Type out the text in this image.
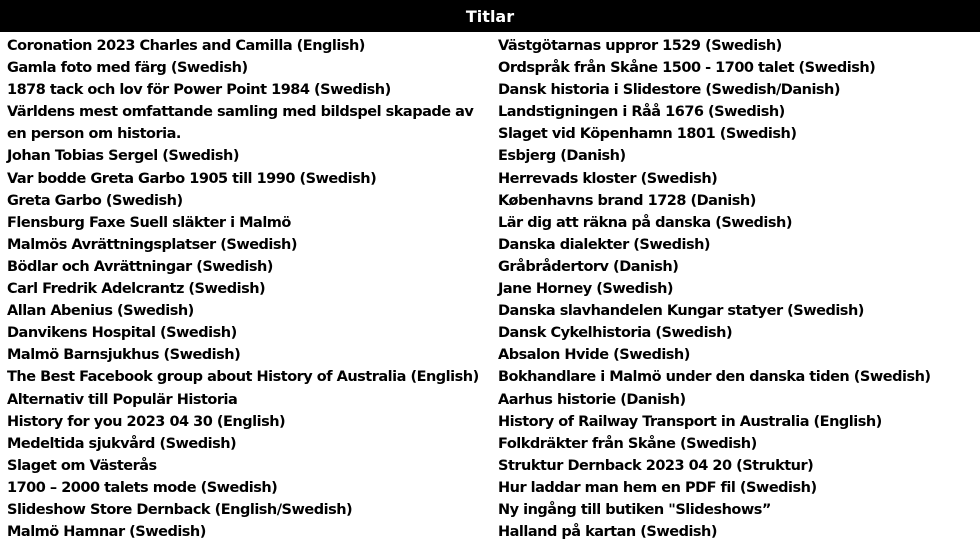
Titlar
Coronation 2023 Charles and Camilla (English)
Gamla foto med färg (Swedish)
1878 tack och lov för Power Point 1984 (Swedish)
Världens mest omfattande samling med bildspel skapade av en person om historia.
Johan Tobias Sergel (Swedish)
Var bodde Greta Garbo 1905 till 1990 (Swedish)
Greta Garbo (Swedish)
Flensburg Faxe Suell släkter i Malmö
Malmös Avrättningsplatser (Swedish)
Bödlar och Avrättningar (Swedish)
Carl Fredrik Adelcrantz (Swedish)
Allan Abenius (Swedish)
Danvikens Hospital (Swedish)
Malmö Barnsjukhus (Swedish)
The Best Facebook group about History of Australia (English)
Alternativ till Populär Historia
History for you 2023 04 30 (English)
Medeltida sjukvård (Swedish)
Slaget om Västerås
1700 – 2000 talets mode (Swedish)
Slideshow Store Dernback (English/Swedish)
Malmö Hamnar (Swedish)
Västgötarnas uppror 1529 (Swedish)
Ordspråk från Skåne 1500 - 1700 talet (Swedish)
Dansk historia i Slidestore (Swedish/Danish)
Landstigningen i Råå 1676 (Swedish)
Slaget vid Köpenhamn 1801 (Swedish)
Esbjerg (Danish)
Herrevads kloster (Swedish)
Københavns brand 1728 (Danish)
Lär dig att räkna på danska (Swedish)
Danska dialekter (Swedish)
Gråbrådertorv (Danish)
Jane Horney (Swedish)
Danska slavhandelen Kungar statyer (Swedish)
Dansk Cykelhistoria (Swedish)
Absalon Hvide (Swedish)
Bokhandlare i Malmö under den danska tiden (Swedish)
Aarhus historie (Danish)
History of Railway Transport in Australia (English)
Folkdräkter från Skåne (Swedish)
Struktur Dernback 2023 04 20 (Struktur)
Hur laddar man hem en PDF fil (Swedish)
Ny ingång till butiken "Slideshows”
Halland på kartan (Swedish)
